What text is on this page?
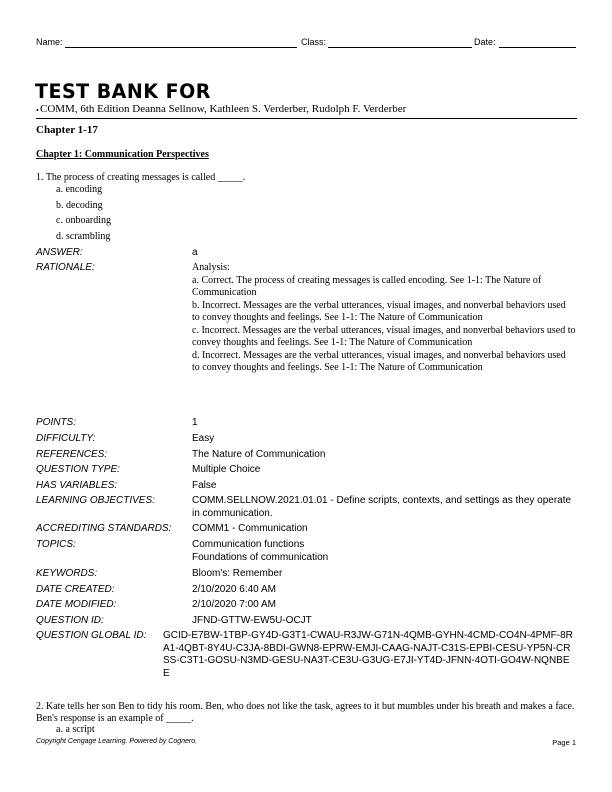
Name:	Class:	Date:
TEST BANK FOR
• COMM, 6th Edition Deanna Sellnow, Kathleen S. Verderber, Rudolph F. Verderber
Chapter 1-17
Chapter 1: Communication Perspectives
1. The process of creating messages is called _____.
a. encoding
b. decoding
c. onboarding
d. scrambling
ANSWER:	a
RATIONALE:	Analysis:
a. Correct. The process of creating messages is called encoding. See 1-1: The Nature of Communication
b. Incorrect. Messages are the verbal utterances, visual images, and nonverbal behaviors used to convey thoughts and feelings. See 1-1: The Nature of Communication
c. Incorrect. Messages are the verbal utterances, visual images, and nonverbal behaviors used to convey thoughts and feelings. See 1-1: The Nature of Communication
d. Incorrect. Messages are the verbal utterances, visual images, and nonverbal behaviors used to convey thoughts and feelings. See 1-1: The Nature of Communication
POINTS:	1
DIFFICULTY:	Easy
REFERENCES:	The Nature of Communication
QUESTION TYPE:	Multiple Choice
HAS VARIABLES:	False
LEARNING OBJECTIVES:	COMM.SELLNOW.2021.01.01 - Define scripts, contexts, and settings as they operate in communication.
ACCREDITING STANDARDS: COMM1 - Communication
TOPICS:	Communication functions
Foundations of communication
KEYWORDS:	Bloom's: Remember
DATE CREATED:	2/10/2020 6:40 AM
DATE MODIFIED:	2/10/2020 7:00 AM
QUESTION ID:	JFND-GTTW-EW5U-OCJT
QUESTION GLOBAL ID: GCID-E7BW-1TBP-GY4D-G3T1-CWAU-R3JW-G71N-4QMB-GYHN-4CMD-CO4N-4PMF-8RA1-4QBT-8Y4U-C3JA-8BDI-GWN8-EPRW-EMJI-CAAG-NAJT-C31S-EPBI-CESU-YP5N-CRSS-C3T1-GOSU-N3MD-GESU-NA3T-CE3U-G3UG-E7JI-YT4D-JFNN-4OTI-GO4W-NQNBEE
2. Kate tells her son Ben to tidy his room. Ben, who does not like the task, agrees to it but mumbles under his breath and makes a face. Ben's response is an example of _____.
a. a script
Copyright Cengage Learning. Powered by Cognero.	Page 1
